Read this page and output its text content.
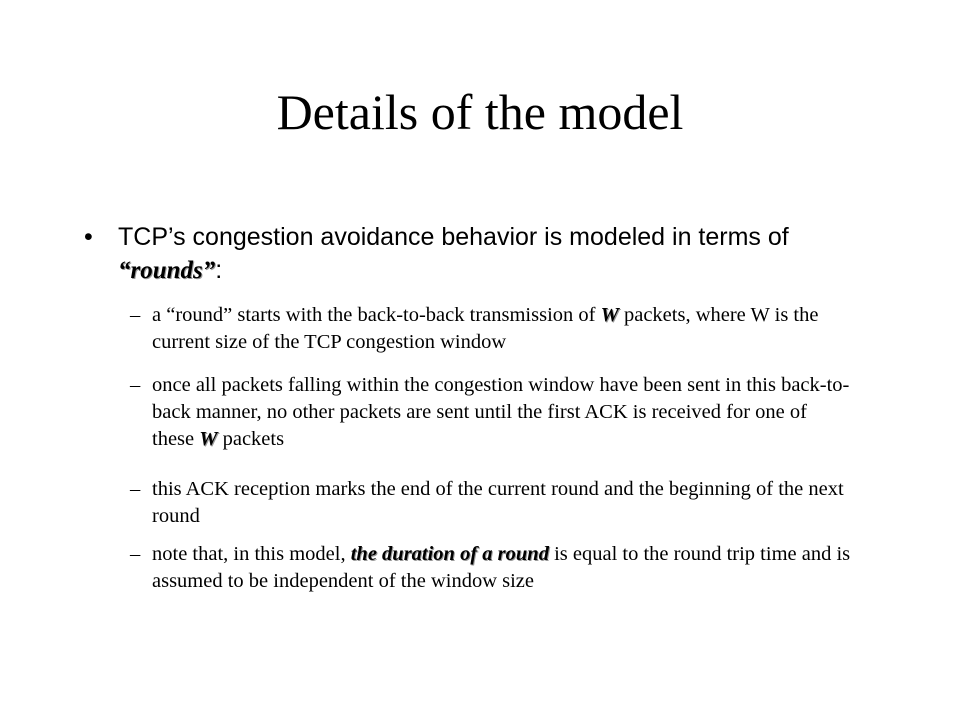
Details of the model
• TCP’s congestion avoidance behavior is modeled in terms of “rounds”:
– a “round” starts with the back-to-back transmission of W packets, where W is the current size of the TCP congestion window
– once all packets falling within the congestion window have been sent in this back-to-back manner, no other packets are sent until the first ACK is received for one of these W packets
– this ACK reception marks the end of the current round and the beginning of the next round
– note that, in this model, the duration of a round is equal to the round trip time and is assumed to be independent of the window size
